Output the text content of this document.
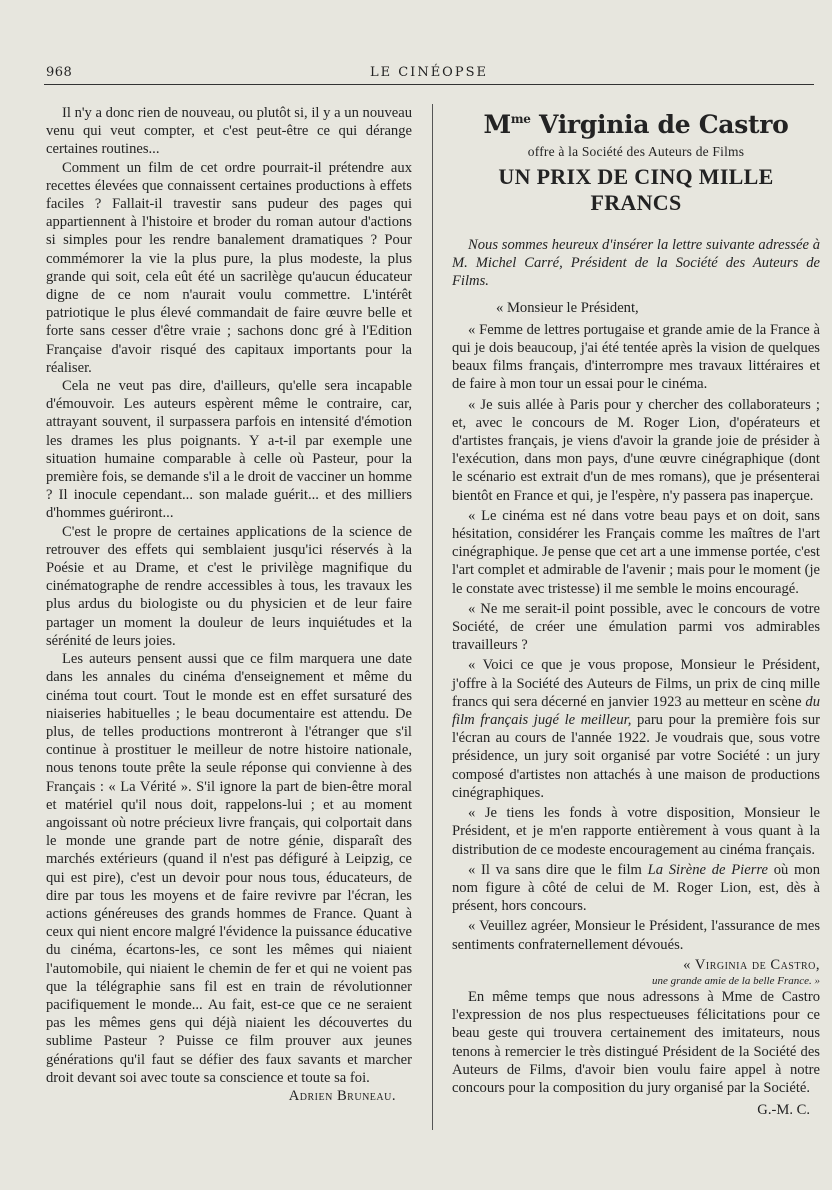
968	LE CINÉOPSE

Il n'y a donc rien de nouveau, ou plutôt si, il y a un nouveau venu qui veut compter, et c'est peut-être ce qui dérange certaines routines...

Comment un film de cet ordre pourrait-il prétendre aux recettes élevées que connaissent certaines productions à effets faciles ? Fallait-il travestir sans pudeur des pages qui appartiennent à l'histoire et broder du roman autour d'actions si simples pour les rendre banalement dramatiques ? Pour commémorer la vie la plus pure, la plus modeste, la plus grande qui soit, cela eût été un sacrilège qu'aucun éducateur digne de ce nom n'aurait voulu commettre. L'intérêt patriotique le plus élevé commandait de faire œuvre belle et forte sans cesser d'être vraie ; sachons donc gré à l'Edition Française d'avoir risqué des capitaux importants pour la réaliser.

Cela ne veut pas dire, d'ailleurs, qu'elle sera incapable d'émouvoir. Les auteurs espèrent même le contraire, car, attrayant souvent, il surpassera parfois en intensité d'émotion les drames les plus poignants. Y a-t-il par exemple une situation humaine comparable à celle où Pasteur, pour la première fois, se demande s'il a le droit de vacciner un homme ? Il inocule cependant... son malade guérit... et des milliers d'hommes guériront...

C'est le propre de certaines applications de la science de retrouver des effets qui semblaient jusqu'ici réservés à la Poésie et au Drame, et c'est le privilège magnifique du cinématographe de rendre accessibles à tous, les travaux les plus ardus du biologiste ou du physicien et de leur faire partager un moment la douleur de leurs inquiétudes et la sérénité de leurs joies.

Les auteurs pensent aussi que ce film marquera une date dans les annales du cinéma d'enseignement et même du cinéma tout court. Tout le monde est en effet sursaturé des niaiseries habituelles ; le beau documentaire est attendu. De plus, de telles productions montreront à l'étranger que s'il continue à prostituer le meilleur de notre histoire nationale, nous tenons toute prête la seule réponse qui convienne à des Français : « La Vérité ». S'il ignore la part de bien-être moral et matériel qu'il nous doit, rappelons-lui ; et au moment angoissant où notre précieux livre français, qui colportait dans le monde une grande part de notre génie, disparaît des marchés extérieurs (quand il n'est pas défiguré à Leipzig, ce qui est pire), c'est un devoir pour nous tous, éducateurs, de dire par tous les moyens et de faire revivre par l'écran, les actions généreuses des grands hommes de France. Quant à ceux qui nient encore malgré l'évidence la puissance éducative du cinéma, écartons-les, ce sont les mêmes qui niaient l'automobile, qui niaient le chemin de fer et qui ne voient pas que la télégraphie sans fil est en train de révolutionner pacifiquement le monde... Au fait, est-ce que ce ne seraient pas les mêmes gens qui déjà niaient les découvertes du sublime Pasteur ? Puisse ce film prouver aux jeunes générations qu'il faut se défier des faux savants et marcher droit devant soi avec toute sa conscience et toute sa foi.
Adrien Bruneau.

$M^{me}$ Virginia de Castro
offre à la Société des Auteurs de Films
UN PRIX DE CINQ MILLE FRANCS

Nous sommes heureux d'insérer la lettre suivante adressée à M. Michel Carré, Président de la Société des Auteurs de Films.

« Monsieur le Président,

« Femme de lettres portugaise et grande amie de la France à qui je dois beaucoup, j'ai été tentée après la vision de quelques beaux films français, d'interrompre mes travaux littéraires et de faire à mon tour un essai pour le cinéma.

« Je suis allée à Paris pour y chercher des collaborateurs ; et, avec le concours de M. Roger Lion, d'opérateurs et d'artistes français, je viens d'avoir la grande joie de présider à l'exécution, dans mon pays, d'une œuvre cinégraphique (dont le scénario est extrait d'un de mes romans), que je présenterai bientôt en France et qui, je l'espère, n'y passera pas inaperçue.

« Le cinéma est né dans votre beau pays et on doit, sans hésitation, considérer les Français comme les maîtres de l'art cinégraphique. Je pense que cet art a une immense portée, c'est l'art complet et admirable de l'avenir ; mais pour le moment (je le constate avec tristesse) il me semble le moins encouragé.

« Ne me serait-il point possible, avec le concours de votre Société, de créer une émulation parmi vos admirables travailleurs ?

« Voici ce que je vous propose, Monsieur le Président, j'offre à la Société des Auteurs de Films, un prix de cinq mille francs qui sera décerné en janvier 1923 au metteur en scène du film français jugé le meilleur, paru pour la première fois sur l'écran au cours de l'année 1922. Je voudrais que, sous votre présidence, un jury soit organisé par votre Société : un jury composé d'artistes non attachés à une maison de productions cinégraphiques.

« Je tiens les fonds à votre disposition, Monsieur le Président, et je m'en rapporte entièrement à vous quant à la distribution de ce modeste encouragement au cinéma français.

« Il va sans dire que le film La Sirène de Pierre où mon nom figure à côté de celui de M. Roger Lion, est, dès à présent, hors concours.

« Veuillez agréer, Monsieur le Président, l'assurance de mes sentiments confraternellement dévoués.

« Virginia de Castro,

une grande amie de la belle France. »

En même temps que nous adressons à Mme de Castro l'expression de nos plus respectueuses félicitations pour ce beau geste qui trouvera certainement des imitateurs, nous tenons à remercier le très distingué Président de la Société des Auteurs de Films, d'avoir bien voulu faire appel à notre concours pour la composition du jury organisé par la Société.

G.-M. C.
